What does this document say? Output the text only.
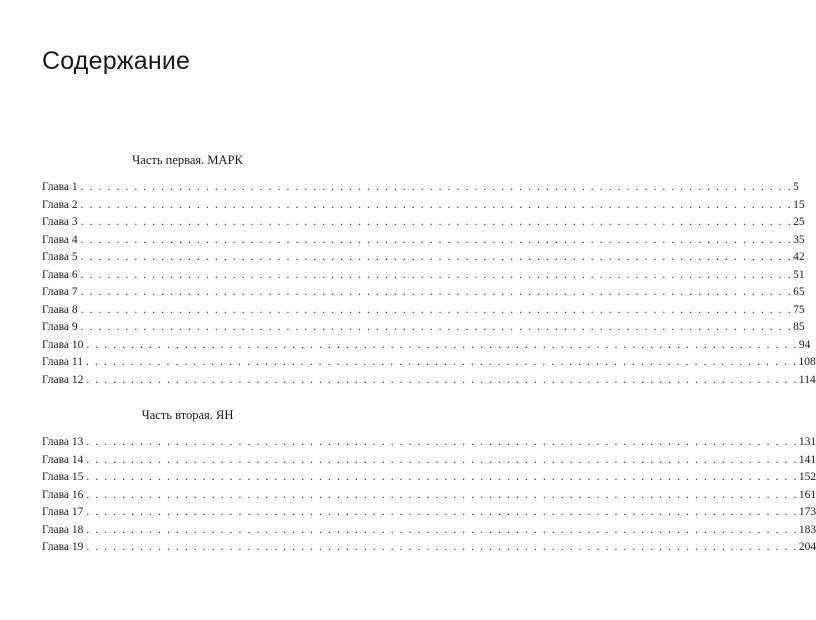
Содержание
Часть первая. МАРК
Глава 1 . . . . . . . . . . . . . . . . . . . . . . . . . . . . . . . . . . . . . . . . . . . . . . . . . . . . . . . . . . . . . . . . . . . . . . . . . . . . . . . . 5
Глава 2 . . . . . . . . . . . . . . . . . . . . . . . . . . . . . . . . . . . . . . . . . . . . . . . . . . . . . . . . . . . . . . . . . . . . . . . . . . . . . . . . 15
Глава 3 . . . . . . . . . . . . . . . . . . . . . . . . . . . . . . . . . . . . . . . . . . . . . . . . . . . . . . . . . . . . . . . . . . . . . . . . . . . . . . . . 25
Глава 4 . . . . . . . . . . . . . . . . . . . . . . . . . . . . . . . . . . . . . . . . . . . . . . . . . . . . . . . . . . . . . . . . . . . . . . . . . . . . . . . . 35
Глава 5 . . . . . . . . . . . . . . . . . . . . . . . . . . . . . . . . . . . . . . . . . . . . . . . . . . . . . . . . . . . . . . . . . . . . . . . . . . . . . . . . 42
Глава 6 . . . . . . . . . . . . . . . . . . . . . . . . . . . . . . . . . . . . . . . . . . . . . . . . . . . . . . . . . . . . . . . . . . . . . . . . . . . . . . . . 51
Глава 7 . . . . . . . . . . . . . . . . . . . . . . . . . . . . . . . . . . . . . . . . . . . . . . . . . . . . . . . . . . . . . . . . . . . . . . . . . . . . . . . . 65
Глава 8 . . . . . . . . . . . . . . . . . . . . . . . . . . . . . . . . . . . . . . . . . . . . . . . . . . . . . . . . . . . . . . . . . . . . . . . . . . . . . . . . 75
Глава 9 . . . . . . . . . . . . . . . . . . . . . . . . . . . . . . . . . . . . . . . . . . . . . . . . . . . . . . . . . . . . . . . . . . . . . . . . . . . . . . . . 85
Глава 10 . . . . . . . . . . . . . . . . . . . . . . . . . . . . . . . . . . . . . . . . . . . . . . . . . . . . . . . . . . . . . . . . . . . . . . . . . . . . . . . . 94
Глава 11 . . . . . . . . . . . . . . . . . . . . . . . . . . . . . . . . . . . . . . . . . . . . . . . . . . . . . . . . . . . . . . . . . . . . . . . . . . . . . . . . 108
Глава 12 . . . . . . . . . . . . . . . . . . . . . . . . . . . . . . . . . . . . . . . . . . . . . . . . . . . . . . . . . . . . . . . . . . . . . . . . . . . . . . . . 114
Часть вторая. ЯН
Глава 13 . . . . . . . . . . . . . . . . . . . . . . . . . . . . . . . . . . . . . . . . . . . . . . . . . . . . . . . . . . . . . . . . . . . . . . . . . . . . . . . . 131
Глава 14 . . . . . . . . . . . . . . . . . . . . . . . . . . . . . . . . . . . . . . . . . . . . . . . . . . . . . . . . . . . . . . . . . . . . . . . . . . . . . . . . 141
Глава 15 . . . . . . . . . . . . . . . . . . . . . . . . . . . . . . . . . . . . . . . . . . . . . . . . . . . . . . . . . . . . . . . . . . . . . . . . . . . . . . . . 152
Глава 16 . . . . . . . . . . . . . . . . . . . . . . . . . . . . . . . . . . . . . . . . . . . . . . . . . . . . . . . . . . . . . . . . . . . . . . . . . . . . . . . . 161
Глава 17 . . . . . . . . . . . . . . . . . . . . . . . . . . . . . . . . . . . . . . . . . . . . . . . . . . . . . . . . . . . . . . . . . . . . . . . . . . . . . . . . 173
Глава 18 . . . . . . . . . . . . . . . . . . . . . . . . . . . . . . . . . . . . . . . . . . . . . . . . . . . . . . . . . . . . . . . . . . . . . . . . . . . . . . . . 183
Глава 19 . . . . . . . . . . . . . . . . . . . . . . . . . . . . . . . . . . . . . . . . . . . . . . . . . . . . . . . . . . . . . . . . . . . . . . . . . . . . . . . . 204
